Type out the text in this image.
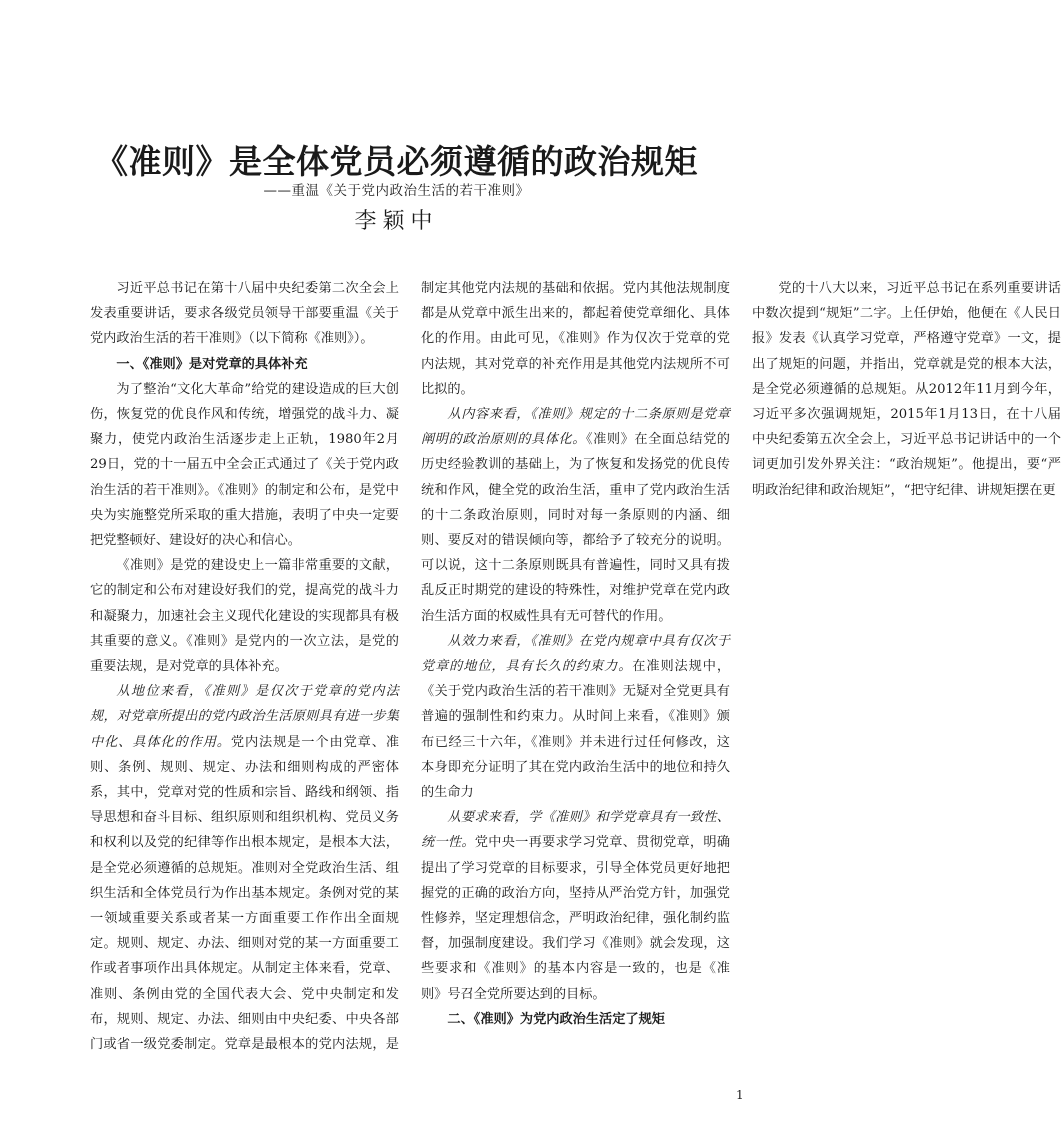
《准则》是全体党员必须遵循的政治规矩
——重温《关于党内政治生活的若干准则》
李颖中

习近平总书记在第十八届中央纪委第二次全会上发表重要讲话，要求各级党员领导干部要重温《关于党内政治生活的若干准则》（以下简称《准则》）。

一、《准则》是对党章的具体补充

为了整治“文化大革命”给党的建设造成的巨大创伤，恢复党的优良作风和传统，增强党的战斗力、凝聚力，使党内政治生活逐步走上正轨，1980年2月29日，党的十一届五中全会正式通过了《关于党内政治生活的若干准则》。《准则》的制定和公布，是党中央为实施整党所采取的重大措施，表明了中央一定要把党整顿好、建设好的决心和信心。

《准则》是党的建设史上一篇非常重要的文献，它的制定和公布对建设好我们的党，提高党的战斗力和凝聚力，加速社会主义现代化建设的实现都具有极其重要的意义。《准则》是党内的一次立法，是党的重要法规，是对党章的具体补充。

从地位来看，《准则》是仅次于党章的党内法规，对党章所提出的党内政治生活原则具有进一步集中化、具体化的作用。党内法规是一个由党章、准则、条例、规则、规定、办法和细则构成的严密体系，其中，党章对党的性质和宗旨、路线和纲领、指导思想和奋斗目标、组织原则和组织机构、党员义务和权利以及党的纪律等作出根本规定，是根本大法，是全党必须遵循的总规矩。准则对全党政治生活、组织生活和全体党员行为作出基本规定。条例对党的某一领域重要关系或者某一方面重要工作作出全面规定。规则、规定、办法、细则对党的某一方面重要工作或者事项作出具体规定。从制定主体来看，党章、准则、条例由党的全国代表大会、党中央制定和发布，规则、规定、办法、细则由中央纪委、中央各部门或省一级党委制定。党章是最根本的党内法规，是制定其他党内法规的基础和依据。党内其他法规制度都是从党章中派生出来的，都起着使党章细化、具体化的作用。由此可见，《准则》作为仅次于党章的党内法规，其对党章的补充作用是其他党内法规所不可比拟的。

从内容来看，《准则》规定的十二条原则是党章阐明的政治原则的具体化。《准则》在全面总结党的历史经验教训的基础上，为了恢复和发扬党的优良传统和作风，健全党的政治生活，重申了党内政治生活的十二条政治原则，同时对每一条原则的内涵、细则、要反对的错误倾向等，都给予了较充分的说明。可以说，这十二条原则既具有普遍性，同时又具有拨乱反正时期党的建设的特殊性，对维护党章在党内政治生活方面的权威性具有无可替代的作用。

从效力来看，《准则》在党内规章中具有仅次于党章的地位，具有长久的约束力。在准则法规中，《关于党内政治生活的若干准则》无疑对全党更具有普遍的强制性和约束力。从时间上来看，《准则》颁布已经三十六年，《准则》并未进行过任何修改，这本身即充分证明了其在党内政治生活中的地位和持久的生命力

从要求来看，学《准则》和学党章具有一致性、统一性。党中央一再要求学习党章、贯彻党章，明确提出了学习党章的目标要求，引导全体党员更好地把握党的正确的政治方向，坚持从严治党方针，加强党性修养，坚定理想信念，严明政治纪律，强化制约监督，加强制度建设。我们学习《准则》就会发现，这些要求和《准则》的基本内容是一致的，也是《准则》号召全党所要达到的目标。

二、《准则》为党内政治生活定了规矩

党的十八大以来，习近平总书记在系列重要讲话中数次提到“规矩”二字。上任伊始，他便在《人民日报》发表《认真学习党章，严格遵守党章》一文，提出了规矩的问题，并指出，党章就是党的根本大法，是全党必须遵循的总规矩。从2012年11月到今年，习近平多次强调规矩，2015年1月13日，在十八届中央纪委第五次全会上，习近平总书记讲话中的一个词更加引发外界关注：“政治规矩”。他提出，要“严明政治纪律和政治规矩”，“把守纪律、讲规矩摆在更

1
